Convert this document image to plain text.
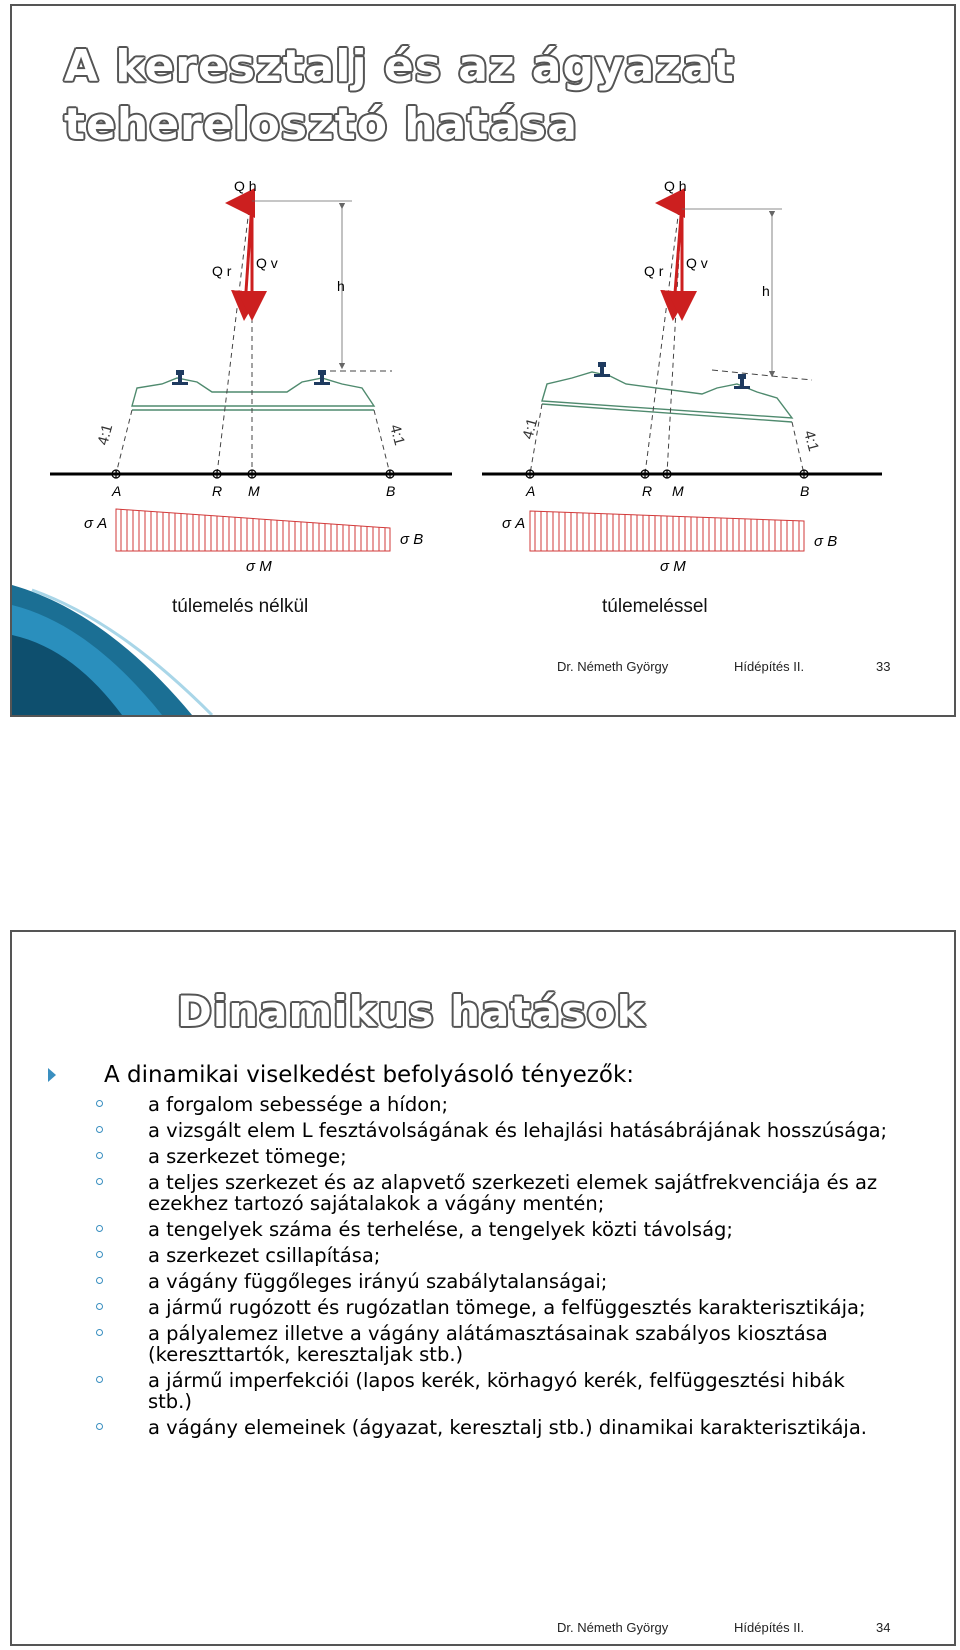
A keresztalj és az ágyazat teherelosztó hatása
4:1	4:1
h
Q h
Q r Q v
A	R M	B
σ A
σ B
σ M
4:1	4:1
h
Q h
Q r Q v
A	R M	B
σ A
σ B
σ M
túlemelés nélkül	túlemeléssel
Dr. Németh György	Hídépítés II.	33
Dinamikus hatások
A dinamikai viselkedést befolyásoló tényezők:
a forgalom sebessége a hídon;
a vizsgált elem L fesztávolságának és lehajlási hatásábrájának hosszúsága;
a szerkezet tömege;
a teljes szerkezet és az alapvető szerkezeti elemek sajátfrekvenciája és az ezekhez tartozó sajátalakok a vágány mentén;
a tengelyek száma és terhelése, a tengelyek közti távolság;
a szerkezet csillapítása;
a vágány függőleges irányú szabálytalanságai;
a jármű rugózott és rugózatlan tömege, a felfüggesztés karakterisztikája;
a pályalemez illetve a vágány alátámasztásainak szabályos kiosztása (kereszttartók, keresztaljak stb.)
a jármű imperfekciói (lapos kerék, körhagyó kerék, felfüggesztési hibák stb.)
a vágány elemeinek (ágyazat, keresztalj stb.) dinamikai karakterisztikája.
Dr. Németh György	Hídépítés II.	34
